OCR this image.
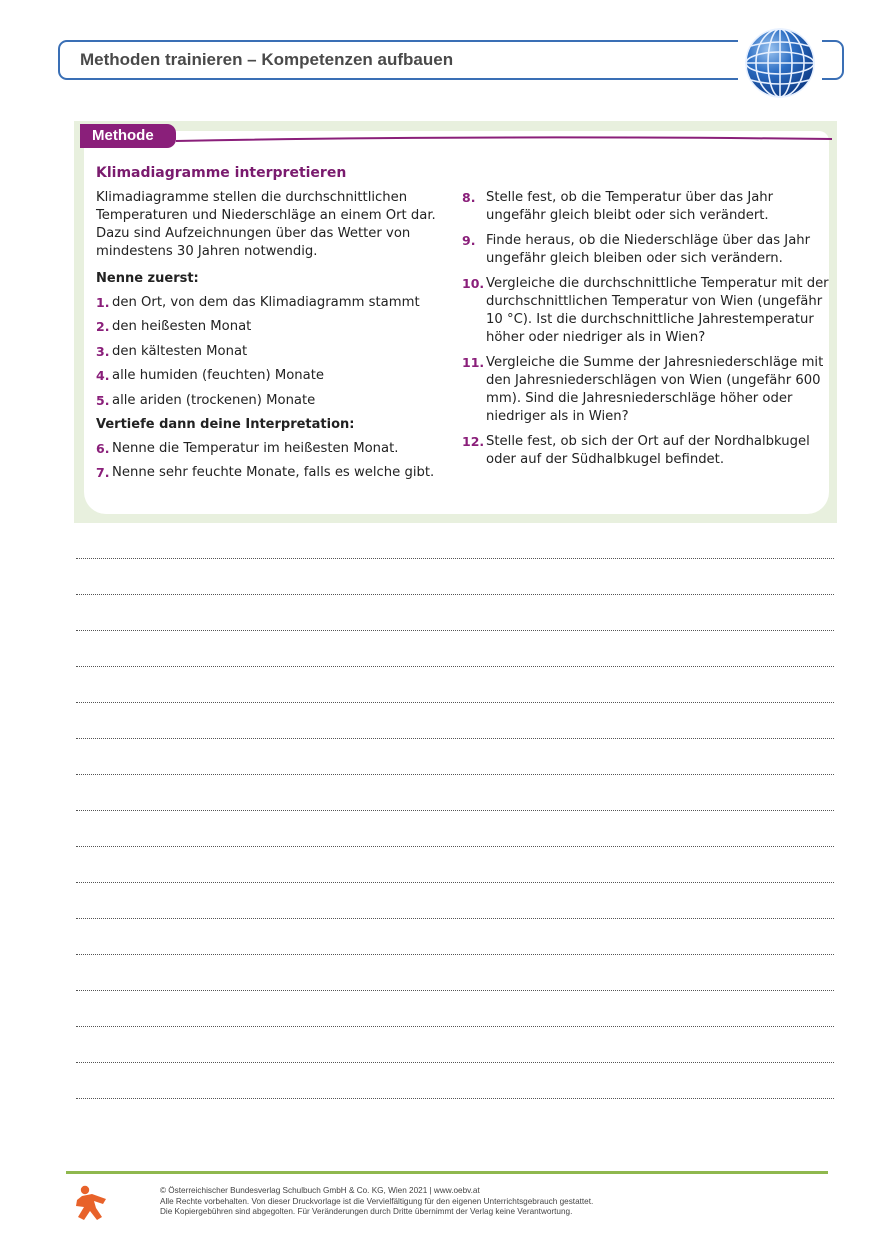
Methoden trainieren – Kompetenzen aufbauen
Methode
Klimadiagramme interpretieren

Klimadiagramme stellen die durchschnittlichen Temperaturen und Niederschläge an einem Ort dar. Dazu sind Aufzeichnungen über das Wetter von mindestens 30 Jahren notwendig.

Nenne zuerst:

1. den Ort, von dem das Klimadiagramm stammt
2. den heißesten Monat
3. den kältesten Monat
4. alle humiden (feuchten) Monate
5. alle ariden (trockenen) Monate

Vertiefe dann deine Interpretation:

6. Nenne die Temperatur im heißesten Monat.
7. Nenne sehr feuchte Monate, falls es welche gibt.
8. Stelle fest, ob die Temperatur über das Jahr ungefähr gleich bleibt oder sich verändert.
9. Finde heraus, ob die Niederschläge über das Jahr ungefähr gleich bleiben oder sich verändern.
10. Vergleiche die durchschnittliche Temperatur mit der durchschnittlichen Temperatur von Wien (ungefähr 10 °C). Ist die durchschnittliche Jahrestemperatur höher oder niedriger als in Wien?
11. Vergleiche die Summe der Jahresniederschläge mit den Jahresniederschlägen von Wien (ungefähr 600 mm). Sind die Jahresniederschläge höher oder niedriger als in Wien?
12. Stelle fest, ob sich der Ort auf der Nordhalbkugel oder auf der Südhalbkugel befindet.
© Österreichischer Bundesverlag Schulbuch GmbH & Co. KG, Wien 2021 | www.oebv.at
Alle Rechte vorbehalten. Von dieser Druckvorlage ist die Vervielfältigung für den eigenen Unterrichtsgebrauch gestattet.
Die Kopiergebühren sind abgegolten. Für Veränderungen durch Dritte übernimmt der Verlag keine Verantwortung.
